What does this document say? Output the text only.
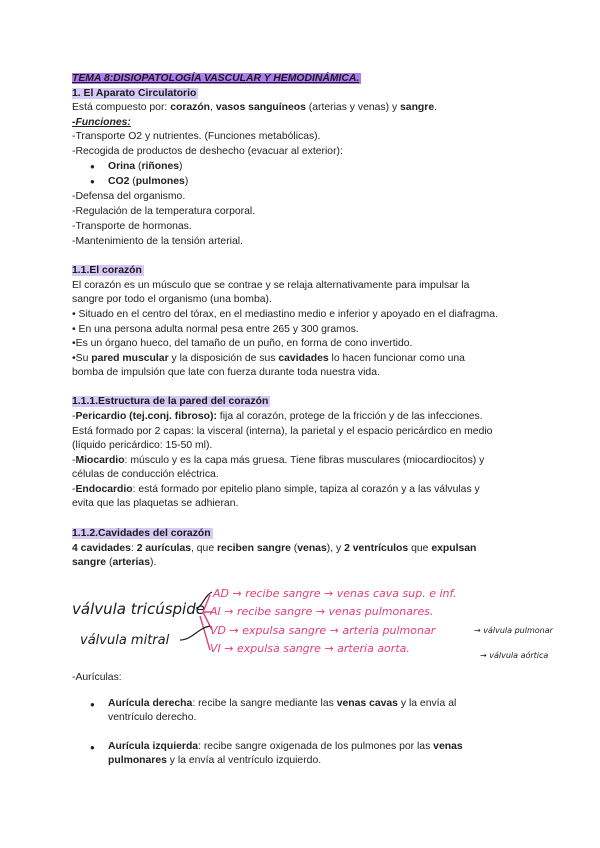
TEMA 8:DISIOPATOLOGÍA VASCULAR Y HEMODINÁMICA.
1. El Aparato Circulatorio
Está compuesto por: corazón, vasos sanguíneos (arterias y venas) y sangre.
-Funciones:
-Transporte O2 y nutrientes. (Funciones metabólicas).
-Recogida de productos de deshecho (evacuar al exterior):
● Orina (riñones)
● CO2 (pulmones)
-Defensa del organismo.
-Regulación de la temperatura corporal.
-Transporte de hormonas.
-Mantenimiento de la tensión arterial.
1.1.El corazón
El corazón es un músculo que se contrae y se relaja alternativamente para impulsar la
sangre por todo el organismo (una bomba).
• Situado en el centro del tórax, en el mediastino medio e inferior y apoyado en el diafragma.
• En una persona adulta normal pesa entre 265 y 300 gramos.
•Es un órgano hueco, del tamaño de un puño, en forma de cono invertido.
•Su pared muscular y la disposición de sus cavidades lo hacen funcionar como una
bomba de impulsión que late con fuerza durante toda nuestra vida.
1.1.1.Estructura de la pared del corazón
-Pericardio (tej.conj. fibroso): fija al corazón, protege de la fricción y de las infecciones.
Está formado por 2 capas: la visceral (interna), la parietal y el espacio pericárdico en medio
(líquido pericárdico: 15-50 ml).
-Miocardio: músculo y es la capa más gruesa. Tiene fibras musculares (miocardiocitos) y
células de conducción eléctrica.
-Endocardio: está formado por epitelio plano simple, tapiza al corazón y a las válvulas y
evita que las plaquetas se adhieran.
1.1.2.Cavidades del corazón
4 cavidades: 2 aurículas, que reciben sangre (venas), y 2 ventrículos que expulsan
sangre (arterias).
válvula tricúspide
válvula mitral
AD → recibe sangre → venas cava sup. e inf.
AI → recibe sangre → venas pulmonares.
VD → expulsa sangre → arteria pulmonar
VI → expulsa sangre → arteria aorta.
→ válvula pulmonar
→ válvula aórtica
-Aurículas:
● Aurícula derecha: recibe la sangre mediante las venas cavas y la envía al
ventrículo derecho.
● Aurícula izquierda: recibe sangre oxigenada de los pulmones por las venas
pulmonares y la envía al ventrículo izquierdo.
